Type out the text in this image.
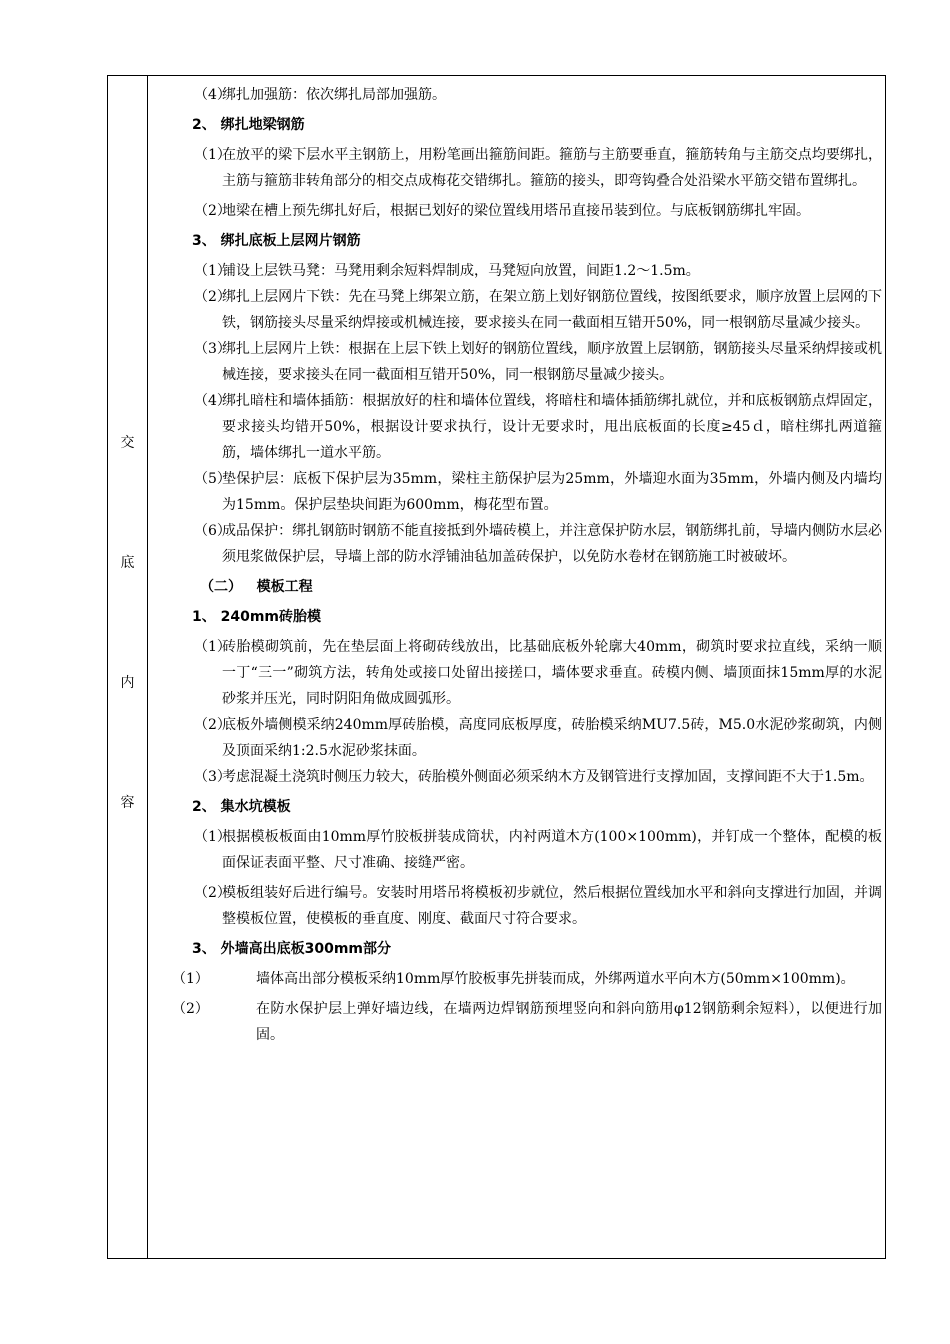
交
底
内
容
（4）
绑扎加强筋：依次绑扎局部加强筋。
2、 绑扎地梁钢筋
（1）
在放平的梁下层水平主钢筋上，用粉笔画出箍筋间距。箍筋与主筋要垂直，箍筋转角与主筋交点均要绑扎，主筋与箍筋非转角部分的相交点成梅花交错绑扎。箍筋的接头，即弯钩叠合处沿梁水平筋交错布置绑扎。
（2）
地梁在槽上预先绑扎好后，根据已划好的梁位置线用塔吊直接吊装到位。与底板钢筋绑扎牢固。
3、 绑扎底板上层网片钢筋
（1）
铺设上层铁马凳：马凳用剩余短料焊制成，马凳短向放置，间距1.2～1.5m。
（2）
绑扎上层网片下铁：先在马凳上绑架立筋，在架立筋上划好钢筋位置线，按图纸要求，顺序放置上层网的下铁，钢筋接头尽量采纳焊接或机械连接，要求接头在同一截面相互错开50%，同一根钢筋尽量减少接头。
（3）
绑扎上层网片上铁：根据在上层下铁上划好的钢筋位置线，顺序放置上层钢筋，钢筋接头尽量采纳焊接或机械连接，要求接头在同一截面相互错开50%，同一根钢筋尽量减少接头。
（4）
绑扎暗柱和墙体插筋：根据放好的柱和墙体位置线，将暗柱和墙体插筋绑扎就位，并和底板钢筋点焊固定，要求接头均错开50%，根据设计要求执行，设计无要求时，甩出底板面的长度≥45ｄ，暗柱绑扎两道箍筋，墙体绑扎一道水平筋。
（5）
垫保护层：底板下保护层为35mm，梁柱主筋保护层为25mm，外墙迎水面为35mm，外墙内侧及内墙均为15mm。保护层垫块间距为600mm，梅花型布置。
（6）
成品保护：绑扎钢筋时钢筋不能直接抵到外墙砖模上，并注意保护防水层，钢筋绑扎前，导墙内侧防水层必须甩浆做保护层，导墙上部的防水浮铺油毡加盖砖保护，以免防水卷材在钢筋施工时被破坏。
（二）   模板工程
1、 240mm砖胎模
（1）
砖胎模砌筑前，先在垫层面上将砌砖线放出，比基础底板外轮廓大40mm，砌筑时要求拉直线，采纳一顺一丁“三一”砌筑方法，转角处或接口处留出接搓口，墙体要求垂直。砖模内侧、墙顶面抹15mm厚的水泥砂浆并压光，同时阴阳角做成圆弧形。
（2）
底板外墙侧模采纳240mm厚砖胎模，高度同底板厚度，砖胎模采纳MU7.5砖，M5.0水泥砂浆砌筑，内侧及顶面采纳1:2.5水泥砂浆抹面。
（3）
考虑混凝土浇筑时侧压力较大，砖胎模外侧面必须采纳木方及钢管进行支撑加固，支撑间距不大于1.5m。
2、 集水坑模板
（1）
根据模板板面由10mm厚竹胶板拼装成筒状，内衬两道木方(100×100mm)，并钉成一个整体，配模的板面保证表面平整、尺寸准确、接缝严密。
（2）
模板组装好后进行编号。安装时用塔吊将模板初步就位，然后根据位置线加水平和斜向支撑进行加固，并调整模板位置，使模板的垂直度、刚度、截面尺寸符合要求。
3、 外墙高出底板300mm部分
（1）	墙体高出部分模板采纳10mm厚竹胶板事先拼装而成，外绑两道水平向木方(50mm×100mm)。
（2）	在防水保护层上弹好墙边线，在墙两边焊钢筋预埋竖向和斜向筋用φ12钢筋剩余短料），以便进行加固。
